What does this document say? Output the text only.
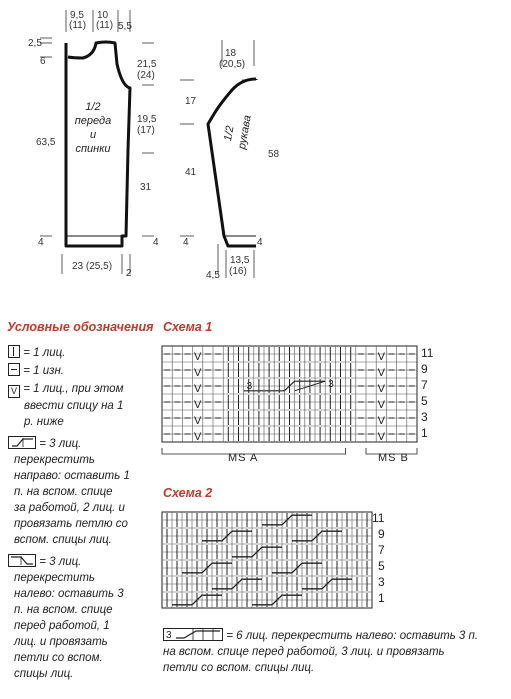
9,5
(11)
10
(11) 5,5
2,5
6
1/2
переда
и
спинки
63,5
21,5
(24)
19,5
(17)
31
4	4
23 (25,5)
2
18
(20,5)
17
41
58
1/2 рукава
4	4
4,5
13,5
(16)
Условные обозначения
= 1 лиц.
= 1 изн.
V = 1 лиц., при этом
ввести спицу на 1
р. ниже
= 3 лиц.
перекрестить
направо: оставить 1
п. на вспом. спице
за работой, 2 лиц. и
провязать петлю со
вспом. спицы лиц.
= 3 лиц.
перекрестить
налево: оставить 3
п. на вспом. спице
перед работой, 1
лиц. и провязать
петли со вспом.
спицы лиц.
Схема 1
V	V
V	V
V	V
V	V
V	V
V	V
3	3
11
9
7
5
3
1
MS A	MS B
Схема 2
11
9
7
5
3
1
3	= 6 лиц. перекрестить налево: оставить 3 п.
на вспом. спице перед работой, 3 лиц. и провязать
петли со вспом. спицы лиц.
